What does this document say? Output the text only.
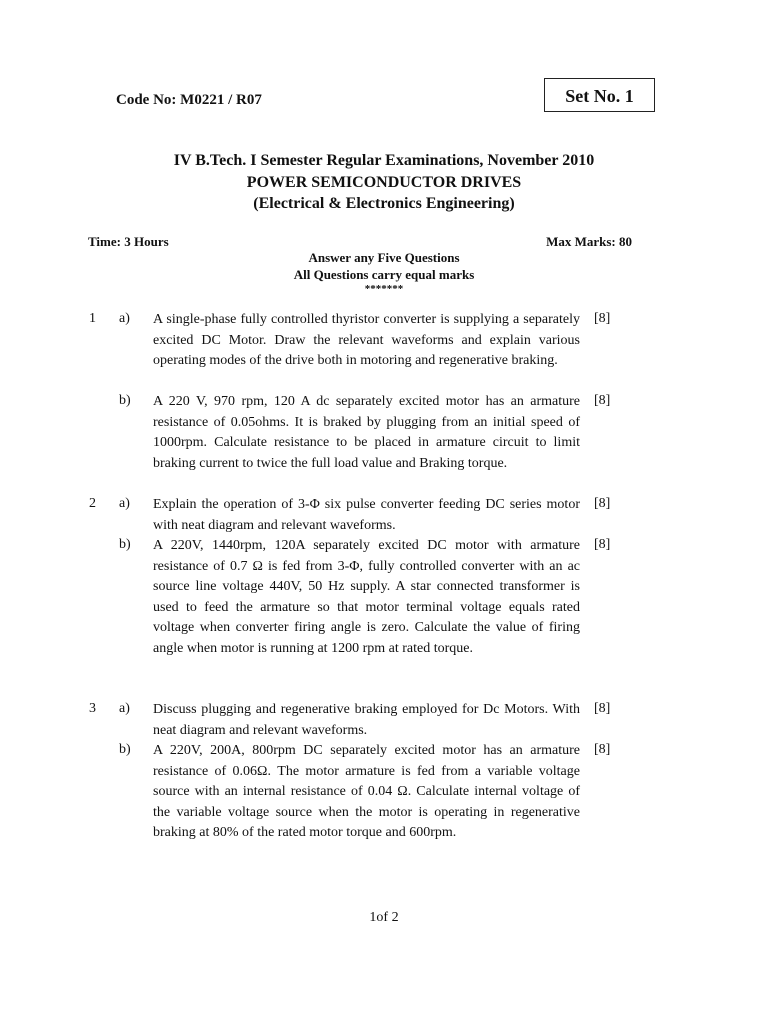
Code No: M0221 / R07	Set No. 1
IV B.Tech. I Semester Regular Examinations, November 2010
POWER SEMICONDUCTOR DRIVES
(Electrical & Electronics Engineering)
Time: 3 Hours	Max Marks: 80
Answer any Five Questions
All Questions carry equal marks
*******
1 a) A single-phase fully controlled thyristor converter is supplying a separately excited DC Motor. Draw the relevant waveforms and explain various operating modes of the drive both in motoring and regenerative braking.
[8]
b) A 220 V, 970 rpm, 120 A dc separately excited motor has an armature resistance of 0.05ohms. It is braked by plugging from an initial speed of 1000rpm. Calculate resistance to be placed in armature circuit to limit braking current to twice the full load value and Braking torque.
[8]
2 a) Explain the operation of 3-Φ six pulse converter feeding DC series motor with neat diagram and relevant waveforms.
[8]
b) A 220V, 1440rpm, 120A separately excited DC motor with armature resistance of 0.7 Ω is fed from 3-Φ, fully controlled converter with an ac source line voltage 440V, 50 Hz supply. A star connected transformer is used to feed the armature so that motor terminal voltage equals rated voltage when converter firing angle is zero. Calculate the value of firing angle when motor is running at 1200 rpm at rated torque.
[8]
3 a) Discuss plugging and regenerative braking employed for Dc Motors. With neat diagram and relevant waveforms.
[8]
b) A 220V, 200A, 800rpm DC separately excited motor has an armature resistance of 0.06Ω. The motor armature is fed from a variable voltage source with an internal resistance of 0.04 Ω. Calculate internal voltage of the variable voltage source when the motor is operating in regenerative braking at 80% of the rated motor torque and 600rpm.
[8]
1of 2
